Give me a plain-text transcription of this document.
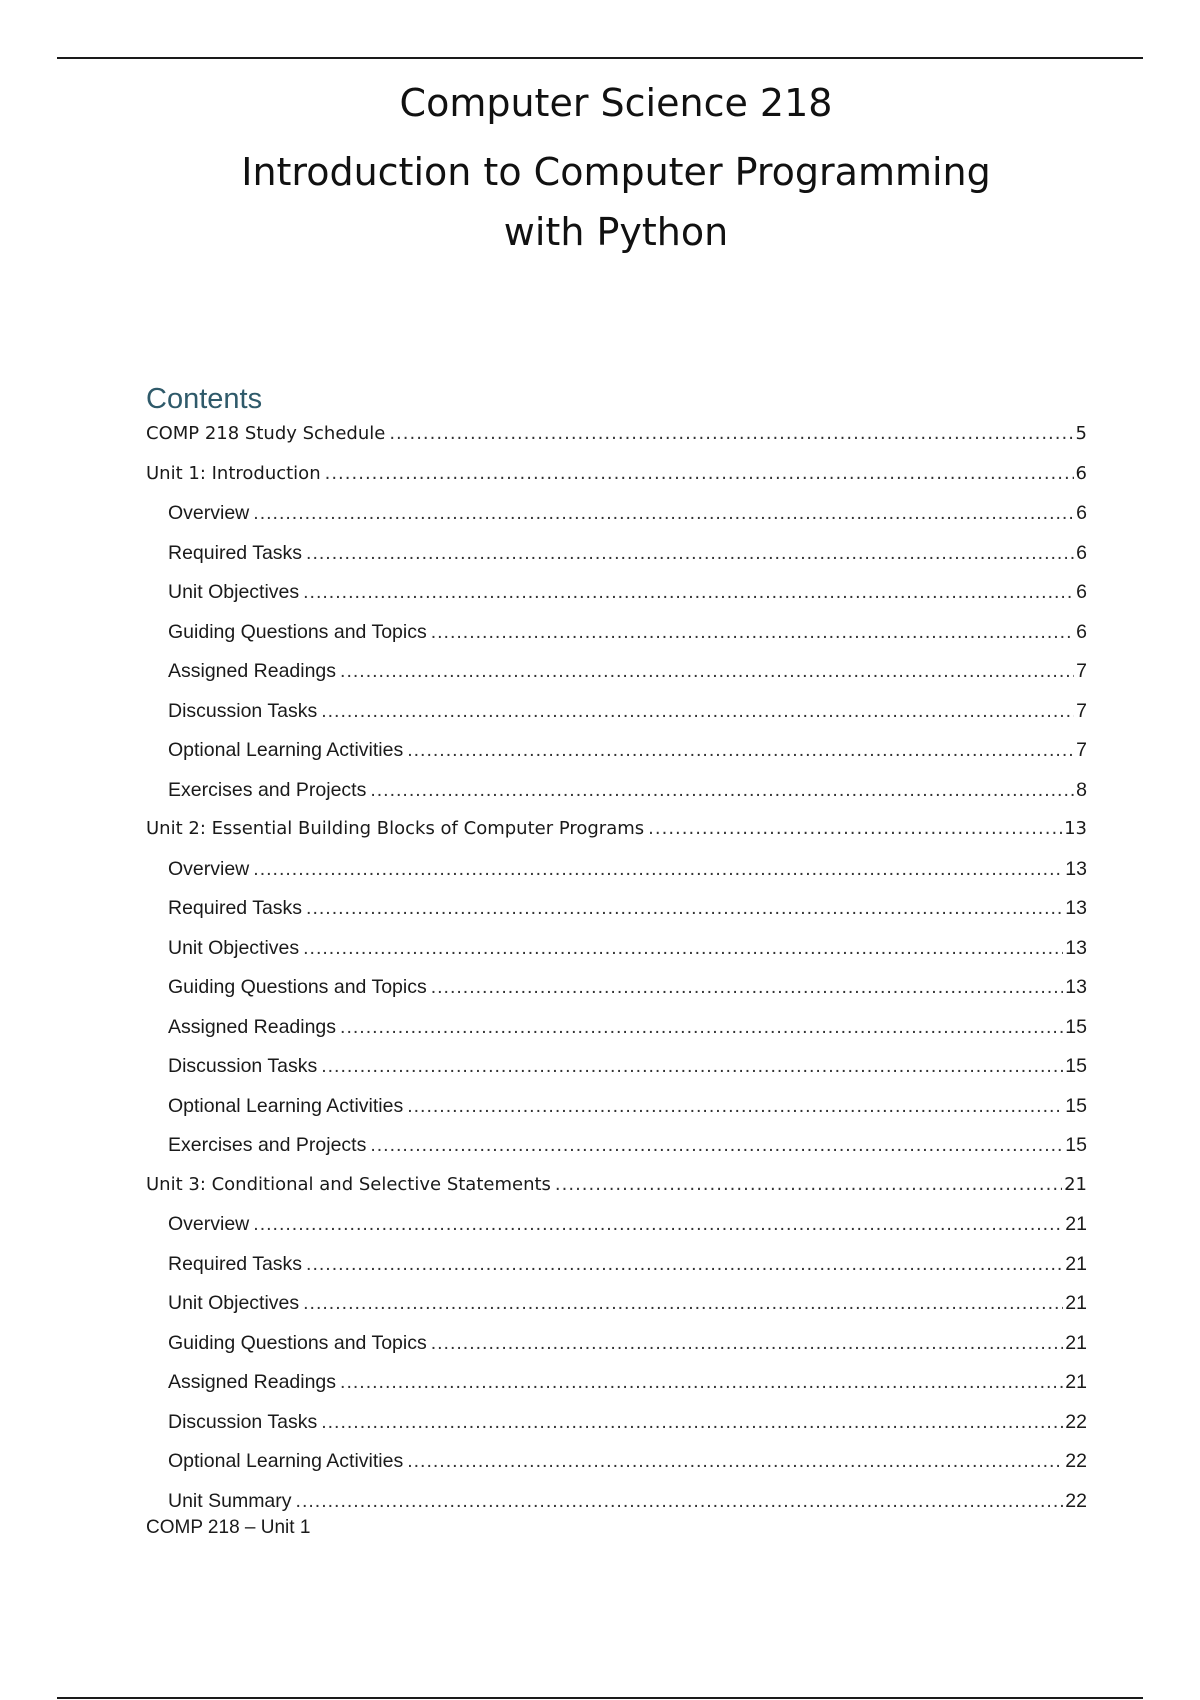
Computer Science 218
Introduction to Computer Programming with Python
Contents
COMP 218 Study Schedule .....	5
Unit 1: Introduction .....	6
Overview .....	6
Required Tasks .....	6
Unit Objectives .....	6
Guiding Questions and Topics .....	6
Assigned Readings .....	7
Discussion Tasks .....	7
Optional Learning Activities .....	7
Exercises and Projects .....	8
Unit 2: Essential Building Blocks of Computer Programs .....	13
Overview .....	13
Required Tasks .....	13
Unit Objectives .....	13
Guiding Questions and Topics .....	13
Assigned Readings .....	15
Discussion Tasks .....	15
Optional Learning Activities .....	15
Exercises and Projects .....	15
Unit 3: Conditional and Selective Statements .....	21
Overview .....	21
Required Tasks .....	21
Unit Objectives .....	21
Guiding Questions and Topics .....	21
Assigned Readings .....	21
Discussion Tasks .....	22
Optional Learning Activities .....	22
Unit Summary .....	22

COMP 218 – Unit 1
